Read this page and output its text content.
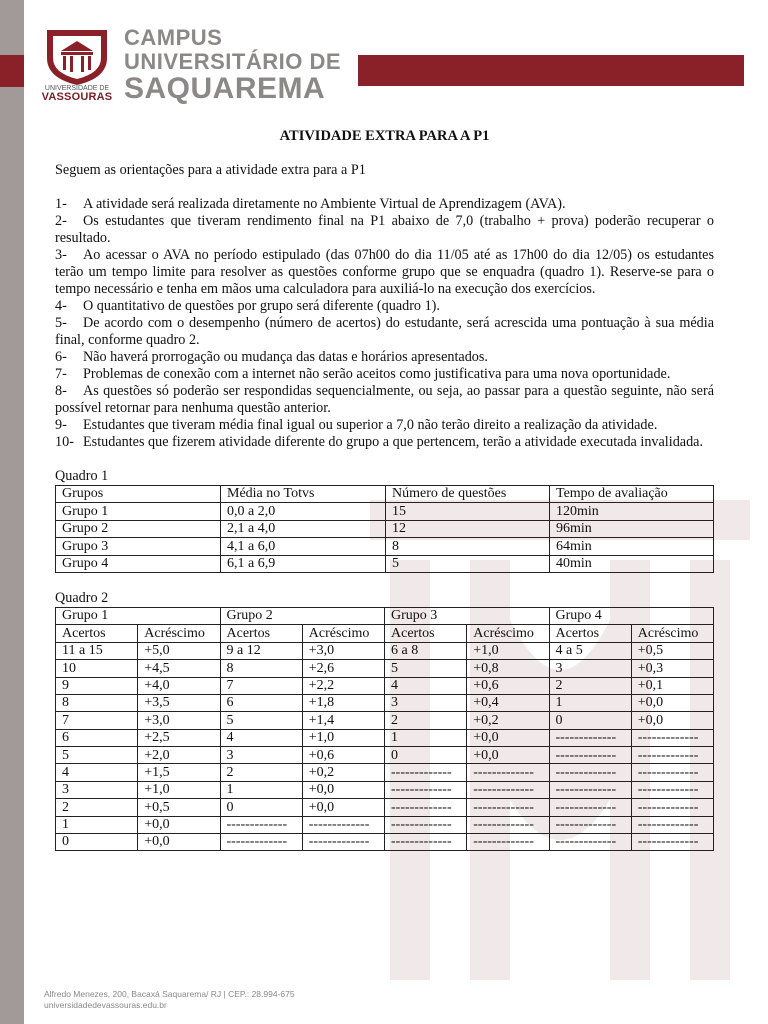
UNIVERSIDADE DE
VASSOURAS
CAMPUS
UNIVERSITÁRIO DE
SAQUAREMA
ATIVIDADE EXTRA PARA A P1
Seguem as orientações para a atividade extra para a P1
1- A atividade será realizada diretamente no Ambiente Virtual de Aprendizagem (AVA).
2- Os estudantes que tiveram rendimento final na P1 abaixo de 7,0 (trabalho + prova) poderão recuperar o resultado.
3- Ao acessar o AVA no período estipulado (das 07h00 do dia 11/05 até as 17h00 do dia 12/05) os estudantes terão um tempo limite para resolver as questões conforme grupo que se enquadra (quadro 1). Reserve-se para o tempo necessário e tenha em mãos uma calculadora para auxiliá-lo na execução dos exercícios.
4- O quantitativo de questões por grupo será diferente (quadro 1).
5- De acordo com o desempenho (número de acertos) do estudante, será acrescida uma pontuação à sua média final, conforme quadro 2.
6- Não haverá prorrogação ou mudança das datas e horários apresentados.
7- Problemas de conexão com a internet não serão aceitos como justificativa para uma nova oportunidade.
8- As questões só poderão ser respondidas sequencialmente, ou seja, ao passar para a questão seguinte, não será possível retornar para nenhuma questão anterior.
9- Estudantes que tiveram média final igual ou superior a 7,0 não terão direito a realização da atividade.
10- Estudantes que fizerem atividade diferente do grupo a que pertencem, terão a atividade executada invalidada.
Quadro 1
Grupos	Média no Totvs	Número de questões	Tempo de avaliação
Grupo 1	0,0 a 2,0	15	120min
Grupo 2	2,1 a 4,0	12	96min
Grupo 3	4,1 a 6,0	8	64min
Grupo 4	6,1 a 6,9	5	40min
Quadro 2
Grupo 1		Grupo 2		Grupo 3		Grupo 4	
Acertos	Acréscimo	Acertos	Acréscimo	Acertos	Acréscimo	Acertos	Acréscimo
11 a 15	+5,0	9 a 12	+3,0	6 a 8	+1,0	4 a 5	+0,5
10	+4,5	8	+2,6	5	+0,8	3	+0,3
9	+4,0	7	+2,2	4	+0,6	2	+0,1
8	+3,5	6	+1,8	3	+0,4	1	+0,0
7	+3,0	5	+1,4	2	+0,2	0	+0,0
6	+2,5	4	+1,0	1	+0,0	-------------	-------------
5	+2,0	3	+0,6	0	+0,0	-------------	-------------
4	+1,5	2	+0,2	-------------	-------------	-------------	-------------
3	+1,0	1	+0,0	-------------	-------------	-------------	-------------
2	+0,5	0	+0,0	-------------	-------------	-------------	-------------
1	+0,0	-------------	-------------	-------------	-------------	-------------	-------------
0	+0,0	-------------	-------------	-------------	-------------	-------------	-------------
Alfredo Menezes, 200, Bacaxá Saquarema/ RJ | CEP.: 28.994-675
universidadedevassouras.edu.br
